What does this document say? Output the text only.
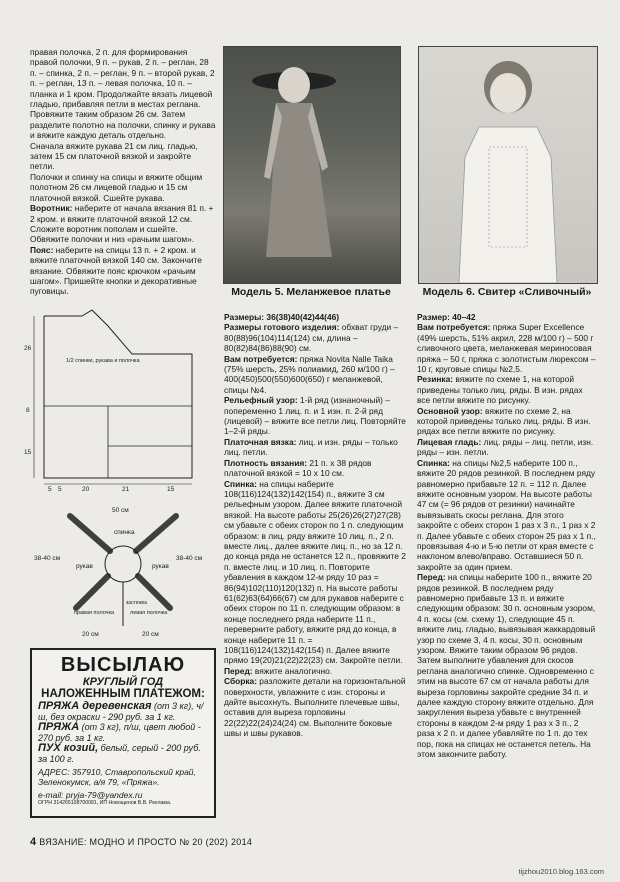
правая полочка, 2 п. для формирования правой полочки, 9 п. – рукав, 2 п. – реглан, 28 п. – спинка, 2 п. – реглан, 9 п. – второй рукав, 2 п. – реглан, 13 п. – левая полочка, 10 п. – планка и 1 кром. Продолжайте вязать лицевой гладью, прибавляя петли в местах реглана. Провяжите таким образом 26 см. Затем разделите полотно на полочки, спинку и рукава и вяжите каждую деталь отдельно.

Сначала вяжите рукава 21 см лиц. гладью, затем 15 см платочной вязкой и закройте петли.

Полочки и спинку на спицы и вяжите общим полотном 26 см лицевой гладью и 15 см платочной вязкой. Сшейте рукава.

Воротник: наберите от начала вязания 81 п. + 2 кром. и вяжите платочной вязкой 12 см. Сложите воротник пополам и сшейте. Обвяжите полочки и низ «рачьим шагом».

Пояс: наберите на спицы 13 п. + 2 кром. и вяжите платочной вязкой 140 см. Закончите вязание. Обвяжите пояс крючком «рачьим шагом». Пришейте кнопки и декоративные пуговицы.

26
8
15
5 5	20	21	15
1/2 спинки, рукава и полочка
50 см
спинка
38-40 см
рукав
38-40 см
рукав
правая полочка	левая полочка
20 см	20 см
застежка
ВЫСЫЛАЮ
КРУГЛЫЙ ГОД
НАЛОЖЕННЫМ ПЛАТЕЖОМ:
ПРЯЖА деревенская (от 3 кг), ч/ш, без окраски - 290 руб. за 1 кг.
ПРЯЖА (от 3 кг), п/ш, цвет любой - 270 руб. за 1 кг.
ПУХ козий, белый, серый - 200 руб. за 100 г.
АДРЕС: 357910, Ставропольский край, Зеленокумск, а/я 79, «Пряжа».
e-mail: pryja-79@yandex.ru
ОГРН 314265108700081, ИП Новощенов В.В. Реклама.
Модель 5. Меланжевое платье	Модель 6. Свитер «Сливочный»

Размеры: 36(38)40(42)44(46)

Размеры готового изделия: обхват груди – 80(88)96(104)114(124) см, длина – 80(82)84(86)88(90) см.

Вам потребуется: пряжа Novita Nalle Taika (75% шерсть, 25% полиамид, 260 м/100 г) – 400(450)500(550)600(650) г меланжевой, спицы №4.

Рельефный узор: 1-й ряд (изнаночный) – попеременно 1 лиц. п. и 1 изн. п. 2-й ряд (лицевой) – вяжите все петли лиц. Повторяйте 1–2-й ряды.

Платочная вязка: лиц. и изн. ряды – только лиц. петли.

Плотность вязания: 21 п. х 38 рядов платочной вязкой = 10 х 10 см.

Спинка: на спицы наберите 108(116)124(132)142(154) п., вяжите 3 см рельефным узором. Далее вяжите платочной вязкой. На высоте работы 25(26)26(27)27(28) см убавьте с обеих сторон по 1 п. следующим образом: в лиц. ряду вяжите 10 лиц. п., 2 п. вместе лиц., далее вяжите лиц. п., но за 12 п. до конца ряда не останется 12 п., провяжите 2 п. вместе лиц. и 10 лиц. п. Повторите убавления в каждом 12-м ряду 10 раз = 86(94)102(110)120(132) п. На высоте работы 61(62)63(64)66(67) см для рукавов наберите с обеих сторон по 11 п. следующим образом: в конце последнего ряда наберите 11 п., переверните работу, вяжите ряд до конца, в конце наберите 11 п. = 108(116)124(132)142(154) п. Далее вяжите прямо 19(20)21(22)22(23) см. Закройте петли.

Перед: вяжите аналогично.

Сборка: разложите детали на горизонтальной поверхности, увлажните с изн. стороны и дайте высохнуть. Выполните плечевые швы, оставив для выреза горловины 22(22)22(24)24(24) см. Выполните боковые швы и швы рукавов.

Размер: 40–42

Вам потребуется: пряжа Super Excellence (49% шерсть, 51% акрил, 228 м/100 г) – 500 г сливочного цвета, меланжевая мериносовая пряжа – 50 г, пряжа с золотистым люрексом – 10 г, круговые спицы №2,5.

Резинка: вяжите по схеме 1, на которой приведены только лиц. ряды. В изн. рядах все петли вяжите по рисунку.

Основной узор: вяжите по схеме 2, на которой приведены только лиц. ряды. В изн. рядах все петли вяжите по рисунку.

Лицевая гладь: лиц. ряды – лиц. петли, изн. ряды – изн. петли.

Спинка: на спицы №2,5 наберите 100 п., вяжите 20 рядов резинкой. В последнем ряду равномерно прибавьте 12 п. = 112 п. Далее вяжите основным узором. На высоте работы 47 см (= 96 рядов от резинки) начинайте вывязывать скосы реглана. Для этого закройте с обеих сторон 1 раз х 3 п., 1 раз х 2 п. Далее убавьте с обеих сторон 25 раз х 1 п., провязывая 4-ю и 5-ю петли от края вместе с наклоном влево/вправо. Оставшиеся 50 п. закройте за один прием.

Перед: на спицы наберите 100 п., вяжите 20 рядов резинкой. В последнем ряду равномерно прибавьте 13 п. и вяжите следующим образом: 30 п. основным узором, 4 п. косы (см. схему 1), следующие 45 п. вяжите лиц. гладью, вывязывая жаккардовый узор по схеме 3, 4 п. косы, 30 п. основным узором. Вяжите таким образом 96 рядов. Затем выполните убавления для скосов реглана аналогично спинке. Одновременно с этим на высоте 67 см от начала работы для выреза горловины закройте средние 34 п. и далее каждую сторону вяжите отдельно. Для закругления выреза убавьте с внутренней стороны в каждом 2-м ряду 1 раз х 3 п., 2 раза х 2 п. и далее убавляйте по 1 п. до тех пор, пока на спицах не останется петель. На этом закончите работу.

4 ВЯЗАНИЕ: МОДНО И ПРОСТО № 20 (202) 2014
tijzhou2010.blog.163.com
